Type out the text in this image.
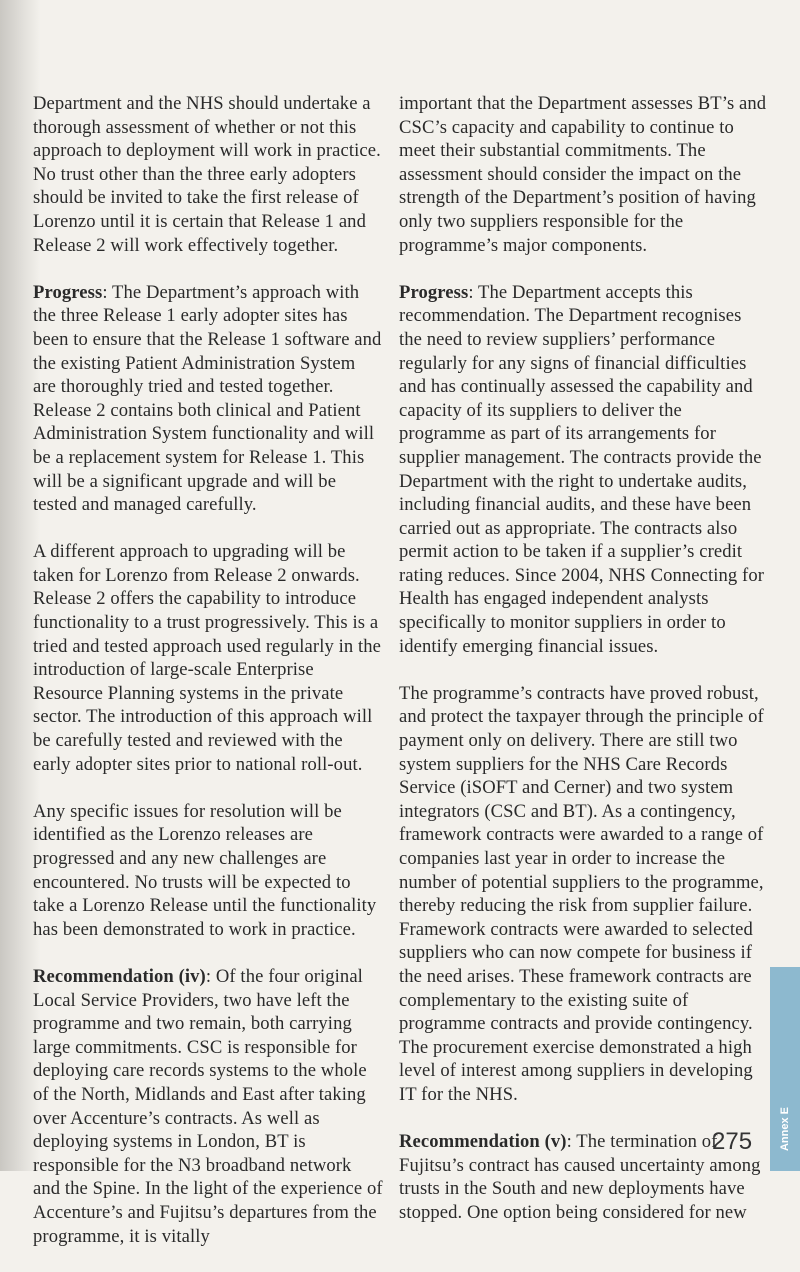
Department and the NHS should undertake a thorough assessment of whether or not this approach to deployment will work in practice. No trust other than the three early adopters should be invited to take the first release of Lorenzo until it is certain that Release 1 and Release 2 will work effectively together.

Progress: The Department’s approach with the three Release 1 early adopter sites has been to ensure that the Release 1 software and the existing Patient Administration System are thoroughly tried and tested together. Release 2 contains both clinical and Patient Administration System functionality and will be a replacement system for Release 1. This will be a significant upgrade and will be tested and managed carefully.

A different approach to upgrading will be taken for Lorenzo from Release 2 onwards. Release 2 offers the capability to introduce functionality to a trust progressively. This is a tried and tested approach used regularly in the introduction of large-scale Enterprise Resource Planning systems in the private sector. The introduction of this approach will be carefully tested and reviewed with the early adopter sites prior to national roll-out.

Any specific issues for resolution will be identified as the Lorenzo releases are progressed and any new challenges are encountered. No trusts will be expected to take a Lorenzo Release until the functionality has been demonstrated to work in practice.

Recommendation (iv): Of the four original Local Service Providers, two have left the programme and two remain, both carrying large commitments. CSC is responsible for deploying care records systems to the whole of the North, Midlands and East after taking over Accenture’s contracts. As well as deploying systems in London, BT is responsible for the N3 broadband network and the Spine. In the light of the experience of Accenture’s and Fujitsu’s departures from the programme, it is vitally

important that the Department assesses BT’s and CSC’s capacity and capability to continue to meet their substantial commitments. The assessment should consider the impact on the strength of the Department’s position of having only two suppliers responsible for the programme’s major components.

Progress: The Department accepts this recommendation. The Department recognises the need to review suppliers’ performance regularly for any signs of financial difficulties and has continually assessed the capability and capacity of its suppliers to deliver the programme as part of its arrangements for supplier management. The contracts provide the Department with the right to undertake audits, including financial audits, and these have been carried out as appropriate. The contracts also permit action to be taken if a supplier’s credit rating reduces. Since 2004, NHS Connecting for Health has engaged independent analysts specifically to monitor suppliers in order to identify emerging financial issues.

The programme’s contracts have proved robust, and protect the taxpayer through the principle of payment only on delivery. There are still two system suppliers for the NHS Care Records Service (iSOFT and Cerner) and two system integrators (CSC and BT). As a contingency, framework contracts were awarded to a range of companies last year in order to increase the number of potential suppliers to the programme, thereby reducing the risk from supplier failure. Framework contracts were awarded to selected suppliers who can now compete for business if the need arises. These framework contracts are complementary to the existing suite of programme contracts and provide contingency. The procurement exercise demonstrated a high level of interest among suppliers in developing IT for the NHS.

Recommendation (v): The termination of Fujitsu’s contract has caused uncertainty among trusts in the South and new deployments have stopped. One option being considered for new

275 Annex E
